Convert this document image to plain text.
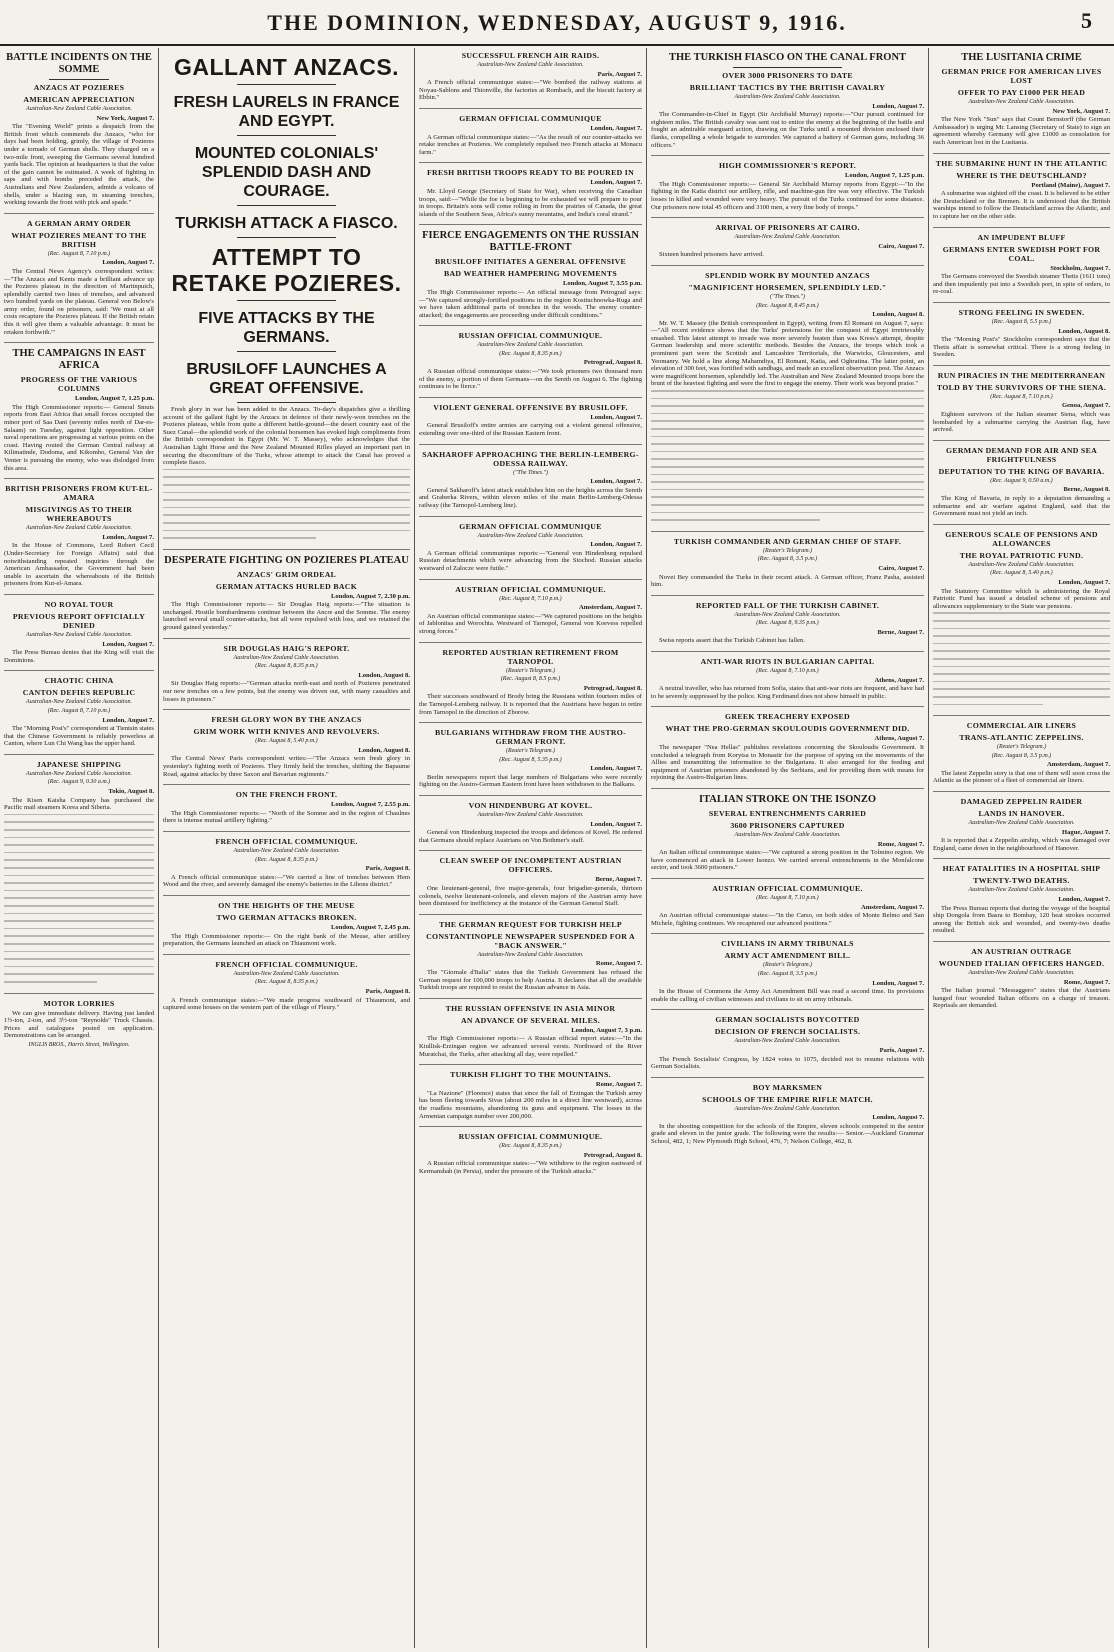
THE DOMINION, WEDNESDAY, AUGUST 9, 1916.	5
BATTLE INCIDENTS ON THE SOMME
ANZACS AT POZIERES
AMERICAN APPRECIATION
Australian-New Zealand Cable Association.
New York, August 7.

The "Evening World" prints a despatch from the British front which commends the Anzacs, "who for days had been holding, grimly, the village of Pozieres under a tornado of German shells. They charged on a two-mile front, sweeping the Germans several hundred yards back. The opinion at headquarters is that the value of the gain cannot be estimated. A week of fighting in saps and with bombs preceded the attack, the Australians and New Zealanders, admids a volcano of shells, under a blazing sun, in steaming trenches, working towards the front with pick and spade."

A GERMAN ARMY ORDER
WHAT POZIERES MEANT TO THE BRITISH
(Rec. August 8, 7.10 p.m.)
London, August 7.

The Central News Agency's correspondent writes:—"The Anzacs and Kents made a brilliant advance up the Pozieres plateau in the direction of Martinpuich, splendidly carried two lines of trenches, and advanced two hundred yards on the plateau. General von Below's army order, found on prisoners, said: 'We must at all costs recapture the Pozieres plateau. If the British retain this it will give them a valuable advantage. It must be retaken forthwith.'"

THE CAMPAIGNS IN EAST AFRICA
PROGRESS OF THE VARIOUS COLUMNS
London, August 7, 1.25 p.m.

The High Commissioner reports:— General Smuts reports from East Africa that small forces occupied the minor port of Saa Dani (seventy miles north of Dar-es-Salaam) on Tuesday, against light opposition. Other naval operations are progressing at various points on the coast. Having routed the German Central railway at Kilimatinde, Dodoma, and Kikombo, General Van der Venter is pursuing the enemy, who was dislodged from this area.

BRITISH PRISONERS FROM KUT-EL-AMARA
MISGIVINGS AS TO THEIR WHEREABOUTS
Australian-New Zealand Cable Association.
London, August 7.

In the House of Commons, Lord Robert Cecil (Under-Secretary for Foreign Affairs) said that notwithstanding repeated inquiries through the American Ambassador, the Government had been unable to ascertain the whereabouts of the British prisoners from Kut-el-Amara.

NO ROYAL TOUR
PREVIOUS REPORT OFFICIALLY DENIED
Australian-New Zealand Cable Association.
London, August 7.

The Press Bureau denies that the King will visit the Dominions.

CHAOTIC CHINA
CANTON DEFIES REPUBLIC
Australian-New Zealand Cable Association.
(Rec. August 8, 7.10 p.m.)
London, August 7.

The "Morning Post's" correspondent at Tientsin states that the Chinese Government is reliably powerless at Canton, where Lun Chi Wang has the upper hand.

JAPANESE SHIPPING
Australian-New Zealand Cable Association.
(Rec. August 9, 0.30 a.m.)
Tokio, August 8.

The Kisen Kaisha Company has purchased the Pacific mail steamers Korea and Siberia.

MOTOR LORRIES

We can give immediate delivery. Having just landed 1½-ton, 2-ton, and 3½-ton "Reynolds" Truck Chassis. Prices and catalogues posted on application. Demonstrations can be arranged.

INGLIS BROS., Harris Street, Wellington.
GALLANT ANZACS.
FRESH LAURELS IN FRANCE AND EGYPT.
MOUNTED COLONIALS' SPLENDID DASH AND COURAGE.
TURKISH ATTACK A FIASCO.
ATTEMPT TO RETAKE POZIERES.
FIVE ATTACKS BY THE GERMANS.
BRUSILOFF LAUNCHES A GREAT OFFENSIVE.

Fresh glory in war has been added to the Anzacs. To-day's dispatches give a thrilling account of the gallant fight by the Anzacs in defence of their newly-won trenches on the Pozieres plateau, while from quite a different battle-ground—the desert country east of the Suez Canal—the splendid work of the colonial horsemen has evoked high compliments from the British correspondent in Egypt (Mr. W. T. Massey), who acknowledges that the Australian Light Horse and the New Zealand Mounted Rifles played an important part in securing the discomfiture of the Turks, whose attempt to attack the Canal has proved a complete fiasco.

DESPERATE FIGHTING ON POZIERES PLATEAU
ANZACS' GRIM ORDEAL
GERMAN ATTACKS HURLED BACK
London, August 7, 2.30 p.m.

The High Commissioner reports:— Sir Douglas Haig reports:—"The situation is unchanged. Hostile bombardments continue between the Ancre and the Somme. The enemy launched several small counter-attacks, but all were repulsed with loss, and we retained the ground gained yesterday."

SIR DOUGLAS HAIG'S REPORT.
Australian-New Zealand Cable Association.
(Rec. August 8, 8.35 p.m.)
London, August 8.

Sir Douglas Haig reports:—"German attacks north-east and north of Pozieres penetrated our new trenches on a few points, but the enemy was driven out, with many casualties and losses in prisoners."

FRESH GLORY WON BY THE ANZACS
GRIM WORK WITH KNIVES AND REVOLVERS.
(Rec. August 8, 5.40 p.m.)
London, August 8.

The Central News' Paris correspondent writes:—"The Anzacs won fresh glory in yesterday's fighting north of Pozieres. They firmly held the trenches, shifting the Bapaume Road, against attacks by three Saxon and Bavarian regiments."

ON THE FRENCH FRONT.
London, August 7, 2.55 p.m.

The High Commissioner reports:— "North of the Somme and in the region of Chaulnes there is intense mutual artillery fighting."

FRENCH OFFICIAL COMMUNIQUE.
Australian-New Zealand Cable Association.
(Rec. August 8, 8.35 p.m.)
Paris, August 8.

A French official communique states:—"We carried a line of trenches between Hem Wood and the river, and severely damaged the enemy's batteries in the Lihons district."

ON THE HEIGHTS OF THE MEUSE
TWO GERMAN ATTACKS BROKEN.
London, August 7, 2.45 p.m.

The High Commissioner reports:— On the right bank of the Meuse, after artillery preparation, the Germans launched an attack on Thiaumont work.

FRENCH OFFICIAL COMMUNIQUE.
Australian-New Zealand Cable Association.
(Rec. August 8, 8.35 p.m.)
Paris, August 8.

A French communique states:—"We made progress southward of Thiaumont, and captured some houses on the western part of the village of Fleury."

SUCCESSFUL FRENCH AIR RAIDS.
Australian-New Zealand Cable Association.
Paris, August 7.

A French official communique states:—"We bombed the railway stations at Noyau-Sablons and Thionville, the factories at Rombach, and the biscuit factory at Ebbin."

GERMAN OFFICIAL COMMUNIQUE
London, August 7.

A German official communique states:—"As the result of our counter-attacks we retake trenches at Pozieres. We completely repulsed two French attacks at Monacu farm."

FRESH BRITISH TROOPS READY TO BE POURED IN
London, August 7.

Mr. Lloyd George (Secretary of State for War), when receiving the Canadian troops, said:—"While the foe is beginning to be exhausted we will prepare to pour in troops. Britain's sons will come rolling in from the prairies of Canada, the great islands of the Southern Seas, Africa's sunny mountains, and India's coral strand."

FIERCE ENGAGEMENTS ON THE RUSSIAN BATTLE-FRONT
BRUSILOFF INITIATES A GENERAL OFFENSIVE
BAD WEATHER HAMPERING MOVEMENTS
London, August 7, 3.55 p.m.

The High Commissioner reports:— An official message from Petrograd says:—"We captured strongly-fortified positions in the region Kostiuchnowka-Ruga and we have taken additional parts of trenches in the woods. The enemy counter-attacked; the engagements are proceeding under difficult conditions."

RUSSIAN OFFICIAL COMMUNIQUE.
Australian-New Zealand Cable Association.
(Rec. August 8, 8.35 p.m.)
Petrograd, August 8.

A Russian official communique states:—"We took prisoners two thousand men of the enemy, a portion of them Germans—on the Sereth on August 6. The fighting continues to be fierce."

VIOLENT GENERAL OFFENSIVE BY BRUSILOFF.
London, August 7.

General Brusiloff's entire armies are carrying out a violent general offensive, extending over one-third of the Russian Eastern front.

SAKHAROFF APPROACHING THE BERLIN-LEMBERG-ODESSA RAILWAY.
("The Times.")
London, August 7.

General Sakharoff's latest attack establishes him on the heights across the Sereth and Graberka Rivers, within eleven miles of the main Berlin-Lemberg-Odessa railway (the Tarnopol-Lemberg line).

GERMAN OFFICIAL COMMUNIQUE
Australian-New Zealand Cable Association.
London, August 7.

A German official communique reports:—"General von Hindenburg repulsed Russian detachments which were advancing from the Stochod. Russian attacks westward of Zalocze were futile."

AUSTRIAN OFFICIAL COMMUNIQUE.
(Rec. August 8, 7.10 p.m.)
Amsterdam, August 7.

An Austrian official communique states:—"We captured positions on the heights of Jablonitsa and Worochta. Westward of Tarnopol, General von Koevess repelled strong forces."

REPORTED AUSTRIAN RETIREMENT FROM TARNOPOL
(Reuter's Telegram.)
(Rec. August 8, 8.5 p.m.)
Petrograd, August 8.

Their successes southward of Brody bring the Russians within fourteen miles of the Tarnopol-Lemberg railway. It is reported that the Austrians have begun to retire from Tarnopol in the direction of Zborow.

BULGARIANS WITHDRAW FROM THE AUSTRO-GERMAN FRONT.
(Reuter's Telegram.)
(Rec. August 8, 5.35 p.m.)
London, August 7.

Berlin newspapers report that large numbers of Bulgarians who were recently fighting on the Austro-German Eastern front have been withdrawn to the Balkans.

VON HINDENBURG AT KOVEL.
Australian-New Zealand Cable Association.
London, August 7.

General von Hindenburg inspected the troops and defences of Kovel. He ordered that Germans should replace Austrians on Von Bothmer's staff.

CLEAN SWEEP OF INCOMPETENT AUSTRIAN OFFICERS.
Berne, August 7.

One lieutenant-general, five major-generals, four brigadier-generals, thirteen colonels, twelve lieutenant-colonels, and eleven majors of the Austrian army have been dismissed for inefficiency at the instance of the German General Staff.

THE GERMAN REQUEST FOR TURKISH HELP
CONSTANTINOPLE NEWSPAPER SUSPENDED FOR A "BACK ANSWER."
Australian-New Zealand Cable Association.
Rome, August 7.

The "Giornale d'Italia" states that the Turkish Government has refused the German request for 100,000 troops to help Austria. It declares that all the available Turkish troops are required to resist the Russian advance in Asia.

THE RUSSIAN OFFENSIVE IN ASIA MINOR
AN ADVANCE OF SEVERAL MILES.
London, August 7, 3 p.m.

The High Commissioner reports:— A Russian official report states:—"In the Kiullisk-Erzingan region we advanced several versts. Northward of the River Muratchai, the Turks, after attacking all day, were repelled."

TURKISH FLIGHT TO THE MOUNTAINS.
Rome, August 7.

"La Nazione" (Florence) states that since the fall of Erzingan the Turkish army has been fleeing towards Sivas (about 200 miles in a direct line westward), across the roadless mountains, abandoning its guns and equipment. The losses in the Armenian campaign number over 200,000.

RUSSIAN OFFICIAL COMMUNIQUE.
(Rec. August 8, 8.35 p.m.)
Petrograd, August 8.

A Russian official communique states:—"We withdrew to the region eastward of Kermanshah (in Persia), under the pressure of the Turkish attacks."

THE TURKISH FIASCO ON THE CANAL FRONT
OVER 3000 PRISONERS TO DATE
BRILLIANT TACTICS BY THE BRITISH CAVALRY
Australian-New Zealand Cable Association.
London, August 7.

The Commander-in-Chief in Egypt (Sir Archibald Murray) reports:—"Our pursuit continued for eighteen miles. The British cavalry was sent out to entice the enemy at the beginning of the battle and fought an admirable rearguard action, drawing on the Turks until a mounted division enclosed their flanks, compelling a whole brigade to surrender. We captured a battery of German guns, including 36 officers."

HIGH COMMISSIONER'S REPORT.
London, August 7, 1.25 p.m.

The High Commissioner reports:— General Sir Archibald Murray reports from Egypt:—"In the fighting in the Katia district our artillery, rifle, and machine-gun fire was very effective. The Turkish losses in killed and wounded were very heavy. The pursuit of the Turks continued for some distance. Our prisoners now total 45 officers and 3100 men, a very fine body of troops."

ARRIVAL OF PRISONERS AT CAIRO.
Australian-New Zealand Cable Association.
Cairo, August 7.

Sixteen hundred prisoners have arrived.

SPLENDID WORK BY MOUNTED ANZACS
"MAGNIFICENT HORSEMEN, SPLENDIDLY LED."
("The Times.")
(Rec. August 8, 8.45 p.m.)
London, August 8.

Mr. W. T. Massey (the British correspondent in Egypt), writing from El Romani on August 7, says:—"All recent evidence shows that the Turks' pretensions for the conquest of Egypt irretrievably smashed. This latest attempt to invade was more severely beaten than was Kress's attempt, despite German leadership and more scientific methods. Besides the Anzacs, the troops which took a prominent part were the Scottish and Lancashire Territorials, the Warwicks, Gloucesters, and Yeomanry. We hold a line along Mahamdiya, El Romani, Katia, and Oghratina. The latter point, an elevation of 300 feet, was fortified with sandbags, and made an excellent observation post. The Anzacs were magnificent horsemen, splendidly led. The Australian and New Zealand Mounted troops bore the brunt of the heaviest fighting and were the first to engage the enemy. Their work was beyond praise."

TURKISH COMMANDER AND GERMAN CHIEF OF STAFF.
(Reuter's Telegram.)
(Rec. August 8, 3.5 p.m.)
Cairo, August 7.

Novei Bey commanded the Turks in their recent attack. A German officer, Franz Pasha, assisted him.

REPORTED FALL OF THE TURKISH CABINET.
Australian-New Zealand Cable Association.
(Rec. August 8, 9.35 p.m.)
Berne, August 7.

Swiss reports assert that the Turkish Cabinet has fallen.

ANTI-WAR RIOTS IN BULGARIAN CAPITAL
(Rec. August 8, 7.10 p.m.)
Athens, August 7.

A neutral traveller, who has returned from Sofia, states that anti-war riots are frequent, and have had to be severely suppressed by the police. King Ferdinand does not show himself in public.

GREEK TREACHERY EXPOSED
WHAT THE PRO-GERMAN SKOULOUDIS GOVERNMENT DID.
Athens, August 7.

The newspaper "Nea Hellas" publishes revelations concerning the Skouloudis Government. It concluded a telegraph from Korytsa to Monastir for the purpose of spying on the movements of the Allies and transmitting the information to the Bulgarians. It also arranged for the feeding and equipment of Austrian prisoners abandoned by the Serbians, and for providing them with means for rejoining the Austro-Bulgarian lines.

ITALIAN STROKE ON THE ISONZO
SEVERAL ENTRENCHMENTS CARRIED
3600 PRISONERS CAPTURED
Australian-New Zealand Cable Association.
Rome, August 7.

An Italian official communique states:—"We captured a strong position in the Tolmino region. We have commenced an attack in Lower Isonzo. We carried several entrenchments in the Monfalcone sector, and took 3600 prisoners."

AUSTRIAN OFFICIAL COMMUNIQUE.
(Rec. August 8, 7.10 p.m.)
Amsterdam, August 7.

An Austrian official communique states:—"In the Carso, on both sides of Monte Belmo and San Michele, fighting continues. We recaptured our advanced positions."

CIVILIANS IN ARMY TRIBUNALS
ARMY ACT AMENDMENT BILL.
(Reuter's Telegram.)
(Rec. August 8, 3.5 p.m.)
London, August 7.

In the House of Commons the Army Act Amendment Bill was read a second time. Its provisions enable the calling of civilian witnesses and civilians to sit on army tribunals.

GERMAN SOCIALISTS BOYCOTTED
DECISION OF FRENCH SOCIALISTS.
Australian-New Zealand Cable Association.
Paris, August 7.

The French Socialists' Congress, by 1824 votes to 1075, decided not to resume relations with German Socialists.

BOY MARKSMEN
SCHOOLS OF THE EMPIRE RIFLE MATCH.
Australian-New Zealand Cable Association.
London, August 7.

In the shooting competition for the schools of the Empire, eleven schools competed in the senior grade and eleven in the junior grade. The following were the results:— Senior.—Auckland Grammar School, 482, 1; New Plymouth High School, 476, 7; Nelson College, 462, 8.

THE LUSITANIA CRIME
GERMAN PRICE FOR AMERICAN LIVES LOST
OFFER TO PAY £1000 PER HEAD
Australian-New Zealand Cable Association.
New York, August 7.

The New York "Sun" says that Count Bernstorff (the German Ambassador) is urging Mr. Lansing (Secretary of State) to sign an agreement whereby Germany will give £1000 as consolation for each American lost in the Lusitania.

THE SUBMARINE HUNT IN THE ATLANTIC
WHERE IS THE DEUTSCHLAND?
Portland (Maine), August 7.

A submarine was sighted off the coast. It is believed to be either the Deutschland or the Bremen. It is understood that the British warships intend to follow the Deutschland across the Atlantic, and to capture her on the other side.

AN IMPUDENT BLUFF
GERMANS ENTER SWEDISH PORT FOR COAL.
Stockholm, August 7.

The Germans convoyed the Swedish steamer Thetis (1611 tons) and then impudently put into a Swedish port, in spite of orders, to re-coal.

STRONG FEELING IN SWEDEN.
(Rec. August 8, 5.5 p.m.)
London, August 8.

The "Morning Post's" Stockholm correspondent says that the Thetis affair is somewhat critical. There is a strong feeling in Sweden.

RUN PIRACIES IN THE MEDITERRANEAN
TOLD BY THE SURVIVORS OF THE SIENA.
(Rec. August 8, 7.10 p.m.)
Genoa, August 7.

Eighteen survivors of the Italian steamer Siena, which was bombarded by a submarine carrying the Austrian flag, have arrived.

GERMAN DEMAND FOR AIR AND SEA FRIGHTFULNESS
DEPUTATION TO THE KING OF BAVARIA.
(Rec. August 9, 0.50 a.m.)
Berne, August 8.

The King of Bavaria, in reply to a deputation demanding a submarine and air warfare against England, said that the Government must not yield an inch.

GENEROUS SCALE OF PENSIONS AND ALLOWANCES
THE ROYAL PATRIOTIC FUND.
Australian-New Zealand Cable Association.
(Rec. August 8, 5.40 p.m.)
London, August 7.

The Statutory Committee which is administering the Royal Patriotic Fund has issued a detailed scheme of pensions and allowances supplementary to the State war pensions.

COMMERCIAL AIR LINERS
TRANS-ATLANTIC ZEPPELINS.
(Reuter's Telegram.)
(Rec. August 8, 3.5 p.m.)
Amsterdam, August 7.

The latest Zeppelin story is that one of them will soon cross the Atlantic as the pioneer of a fleet of commercial air liners.

DAMAGED ZEPPELIN RAIDER
LANDS IN HANOVER.
Australian-New Zealand Cable Association.
Hague, August 7.

It is reported that a Zeppelin airship, which was damaged over England, came down in the neighbourhood of Hanover.

HEAT FATALITIES IN A HOSPITAL SHIP
TWENTY-TWO DEATHS.
Australian-New Zealand Cable Association.
London, August 7.

The Press Bureau reports that during the voyage of the hospital ship Dongola from Basra to Bombay, 120 heat strokes occurred among the British sick and wounded, and twenty-two deaths resulted.

AN AUSTRIAN OUTRAGE
WOUNDED ITALIAN OFFICERS HANGED.
Australian-New Zealand Cable Association.
Rome, August 7.

The Italian journal "Messaggero" states that the Austrians hanged four wounded Italian officers on a charge of treason. Reprisals are demanded.
